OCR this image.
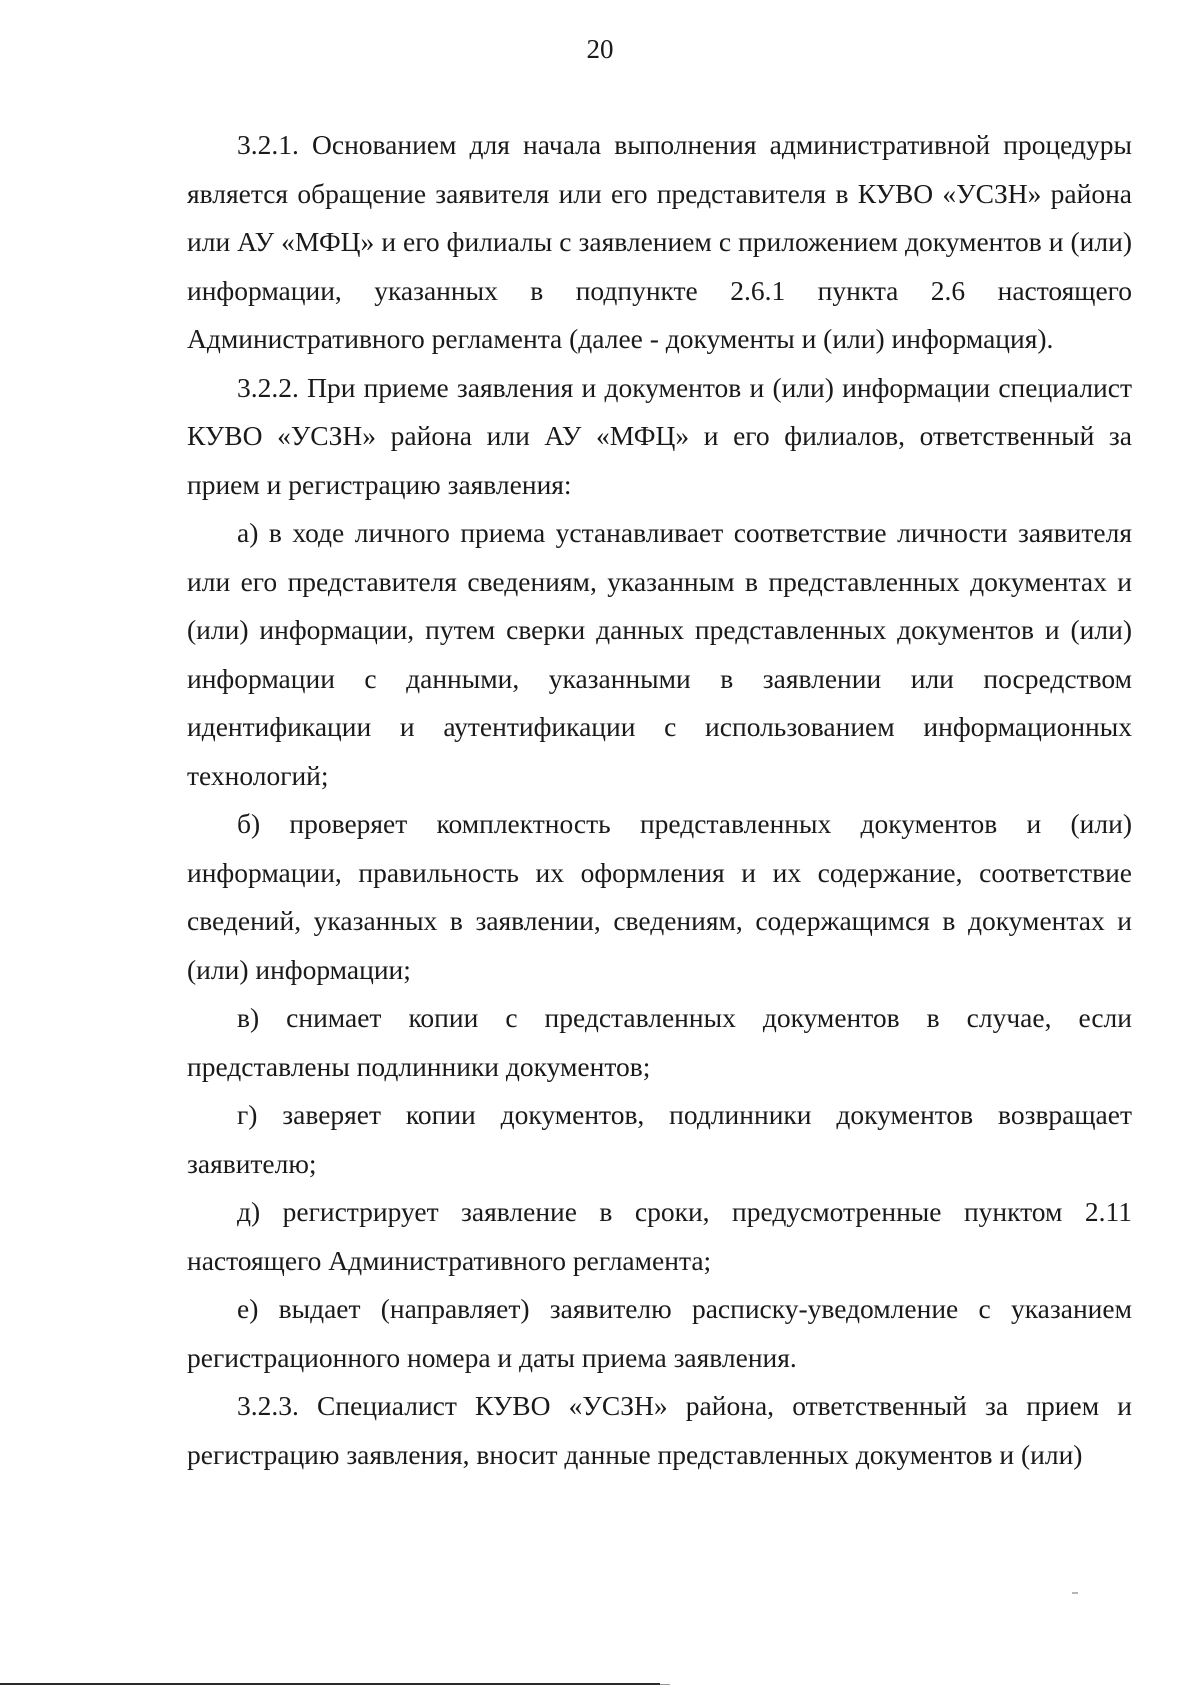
20

3.2.1. Основанием для начала выполнения административной процедуры является обращение заявителя или его представителя в КУВО «УСЗН» района или АУ «МФЦ» и его филиалы с заявлением с приложением документов и (или) информации, указанных в подпункте 2.6.1 пункта 2.6 настоящего Административного регламента (далее - документы и (или) информация).

3.2.2. При приеме заявления и документов и (или) информации специалист КУВО «УСЗН» района или АУ «МФЦ» и его филиалов, ответственный за прием и регистрацию заявления:

а) в ходе личного приема устанавливает соответствие личности заявителя или его представителя сведениям, указанным в представленных документах и (или) информации, путем сверки данных представленных документов и (или) информации с данными, указанными в заявлении или посредством идентификации и аутентификации с использованием информационных технологий;

б) проверяет комплектность представленных документов и (или) информации, правильность их оформления и их содержание, соответствие сведений, указанных в заявлении, сведениям, содержащимся в документах и (или) информации;

в) снимает копии с представленных документов в случае, если представлены подлинники документов;

г) заверяет копии документов, подлинники документов возвращает заявителю;

д) регистрирует заявление в сроки, предусмотренные пунктом 2.11 настоящего Административного регламента;

е) выдает (направляет) заявителю расписку-уведомление с указанием регистрационного номера и даты приема заявления.

3.2.3. Специалист КУВО «УСЗН» района, ответственный за прием и регистрацию заявления, вносит данные представленных документов и (или)
